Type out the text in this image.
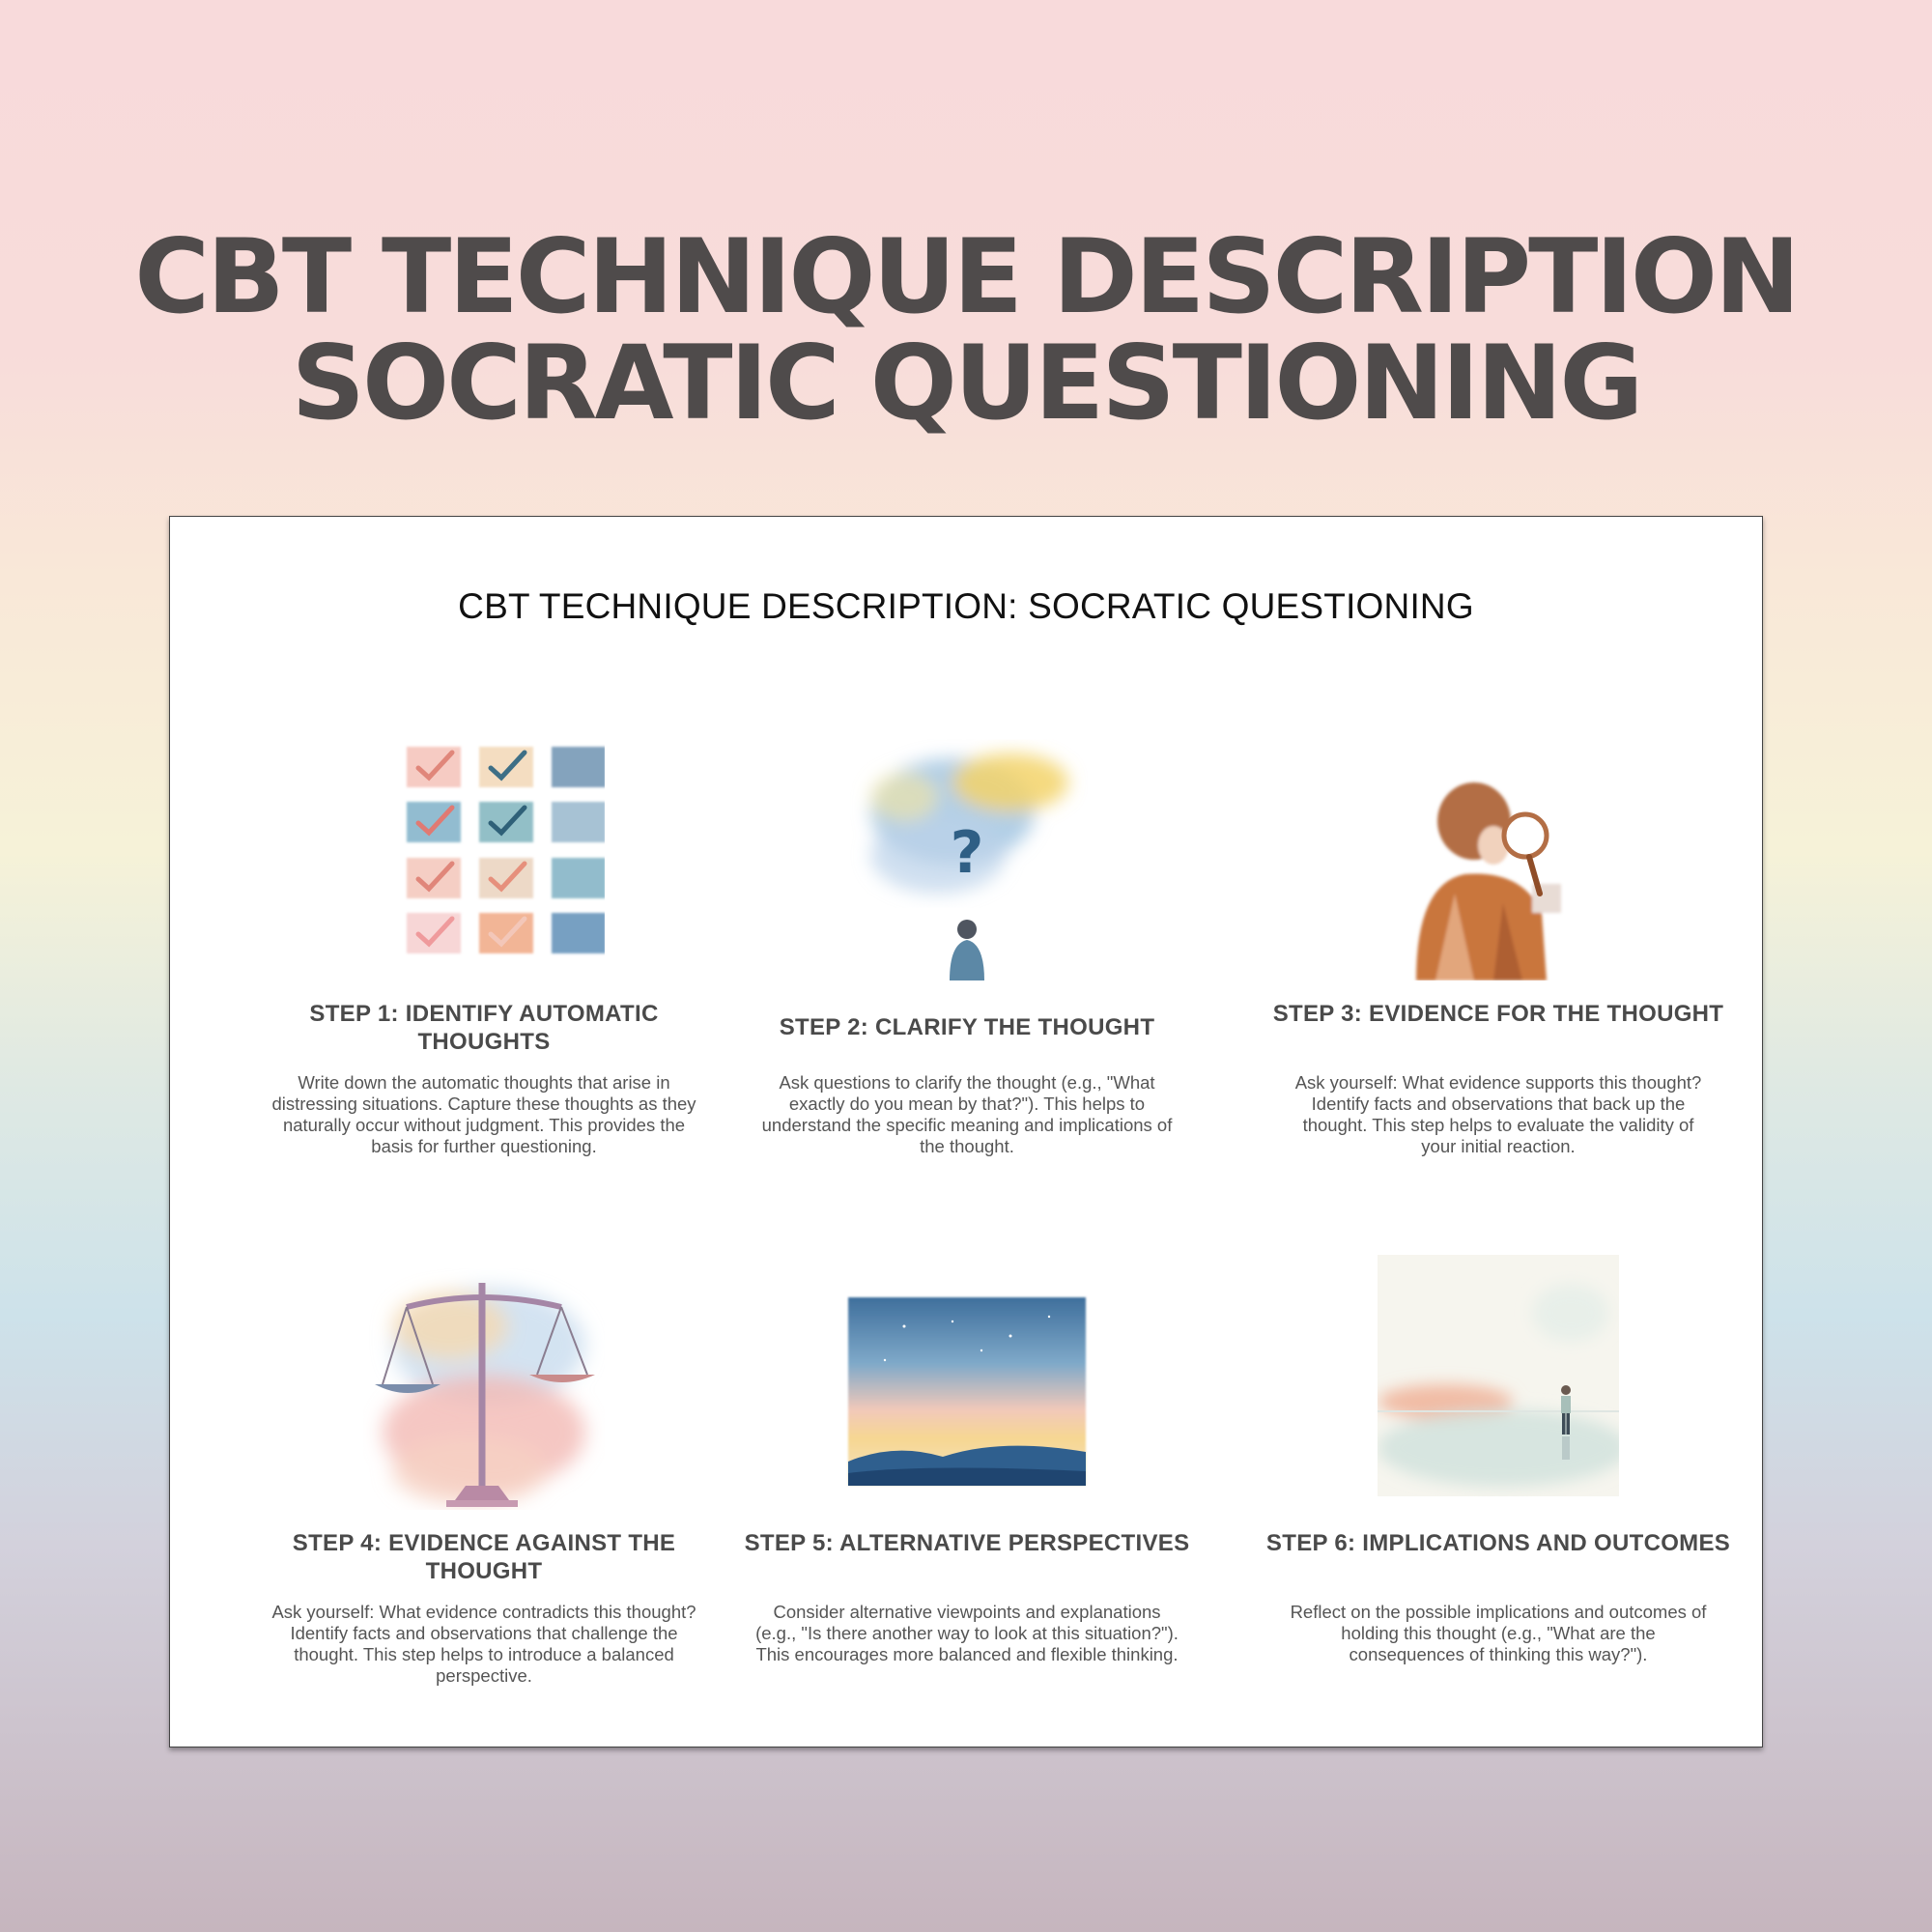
CBT TECHNIQUE DESCRIPTION
SOCRATIC QUESTIONING
CBT TECHNIQUE DESCRIPTION: SOCRATIC QUESTIONING
STEP 1: IDENTIFY AUTOMATIC THOUGHTS
Write down the automatic thoughts that arise in distressing situations. Capture these thoughts as they naturally occur without judgment. This provides the basis for further questioning.
?
STEP 2: CLARIFY THE THOUGHT
Ask questions to clarify the thought (e.g., "What exactly do you mean by that?"). This helps to understand the specific meaning and implications of the thought.
STEP 3: EVIDENCE FOR THE THOUGHT
Ask yourself: What evidence supports this thought? Identify facts and observations that back up the thought. This step helps to evaluate the validity of your initial reaction.
STEP 4: EVIDENCE AGAINST THE THOUGHT
Ask yourself: What evidence contradicts this thought? Identify facts and observations that challenge the thought. This step helps to introduce a balanced perspective.
STEP 5: ALTERNATIVE PERSPECTIVES
Consider alternative viewpoints and explanations (e.g., "Is there another way to look at this situation?"). This encourages more balanced and flexible thinking.
STEP 6: IMPLICATIONS AND OUTCOMES
Reflect on the possible implications and outcomes of holding this thought (e.g., "What are the consequences of thinking this way?").
